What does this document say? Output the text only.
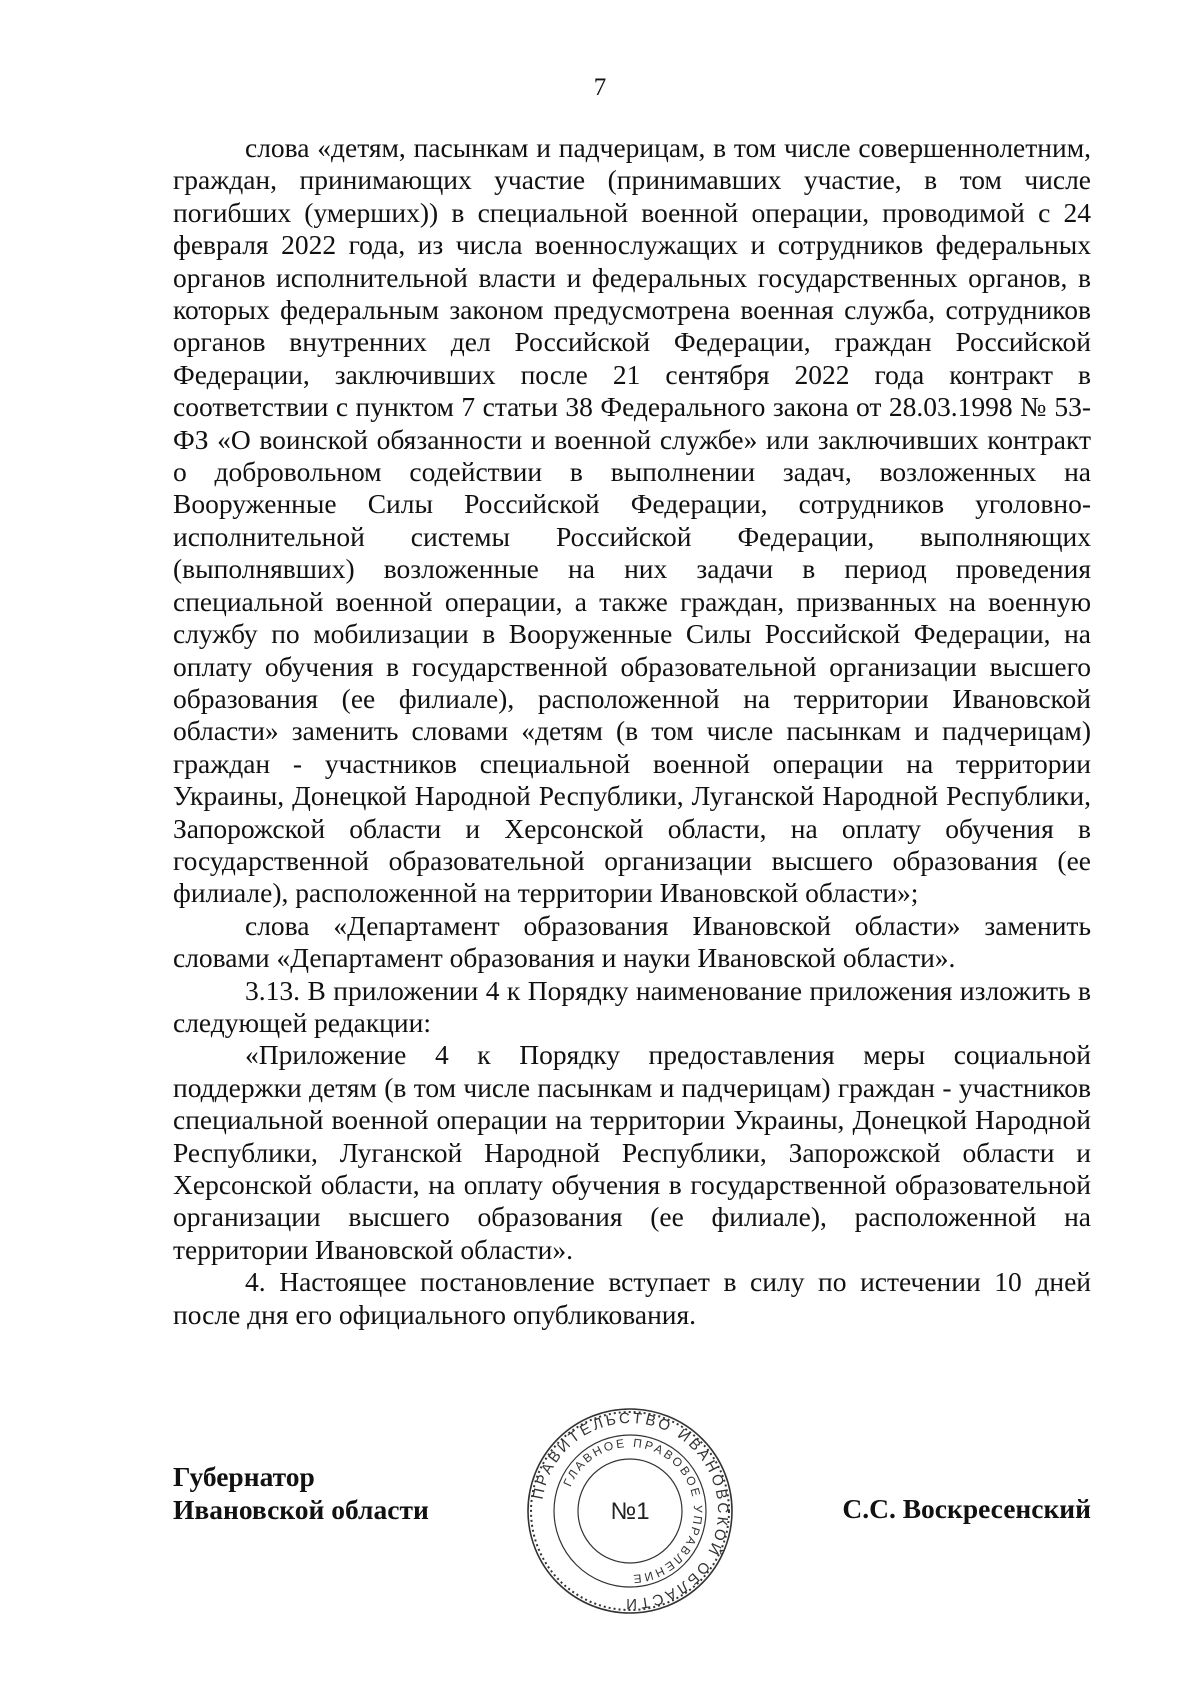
7

слова «детям, пасынкам и падчерицам, в том числе совершеннолетним, граждан, принимающих участие (принимавших участие, в том числе погибших (умерших)) в специальной военной операции, проводимой с 24 февраля 2022 года, из числа военнослужащих и сотрудников федеральных органов исполнительной власти и федеральных государственных органов, в которых федеральным законом предусмотрена военная служба, сотрудников органов внутренних дел Российской Федерации, граждан Российской Федерации, заключивших после 21 сентября 2022 года контракт в соответствии с пунктом 7 статьи 38 Федерального закона от 28.03.1998 № 53-ФЗ «О воинской обязанности и военной службе» или заключивших контракт о добровольном содействии в выполнении задач, возложенных на Вооруженные Силы Российской Федерации, сотрудников уголовно-исполнительной системы Российской Федерации, выполняющих (выполнявших) возложенные на них задачи в период проведения специальной военной операции, а также граждан, призванных на военную службу по мобилизации в Вооруженные Силы Российской Федерации, на оплату обучения в государственной образовательной организации высшего образования (ее филиале), расположенной на территории Ивановской области» заменить словами «детям (в том числе пасынкам и падчерицам) граждан - участников специальной военной операции на территории Украины, Донецкой Народной Республики, Луганской Народной Республики, Запорожской области и Херсонской области, на оплату обучения в государственной образовательной организации высшего образования (ее филиале), расположенной на территории Ивановской области»;

слова «Департамент образования Ивановской области» заменить словами «Департамент образования и науки Ивановской области».

3.13. В приложении 4 к Порядку наименование приложения изложить в следующей редакции:

«Приложение 4 к Порядку предоставления меры социальной поддержки детям (в том числе пасынкам и падчерицам) граждан - участников специальной военной операции на территории Украины, Донецкой Народной Республики, Луганской Народной Республики, Запорожской области и Херсонской области, на оплату обучения в государственной образовательной организации высшего образования (ее филиале), расположенной на территории Ивановской области».

4. Настоящее постановление вступает в силу по истечении 10 дней после дня его официального опубликования.

Губернатор
Ивановской области	С.С. Воскресенский
ПРАВИТЕЛЬСТВО ИВАНОВСКОЙ ОБЛАСТИ
ГЛАВНОЕ ПРАВОВОЕ УПРАВЛЕНИЕ
№1
